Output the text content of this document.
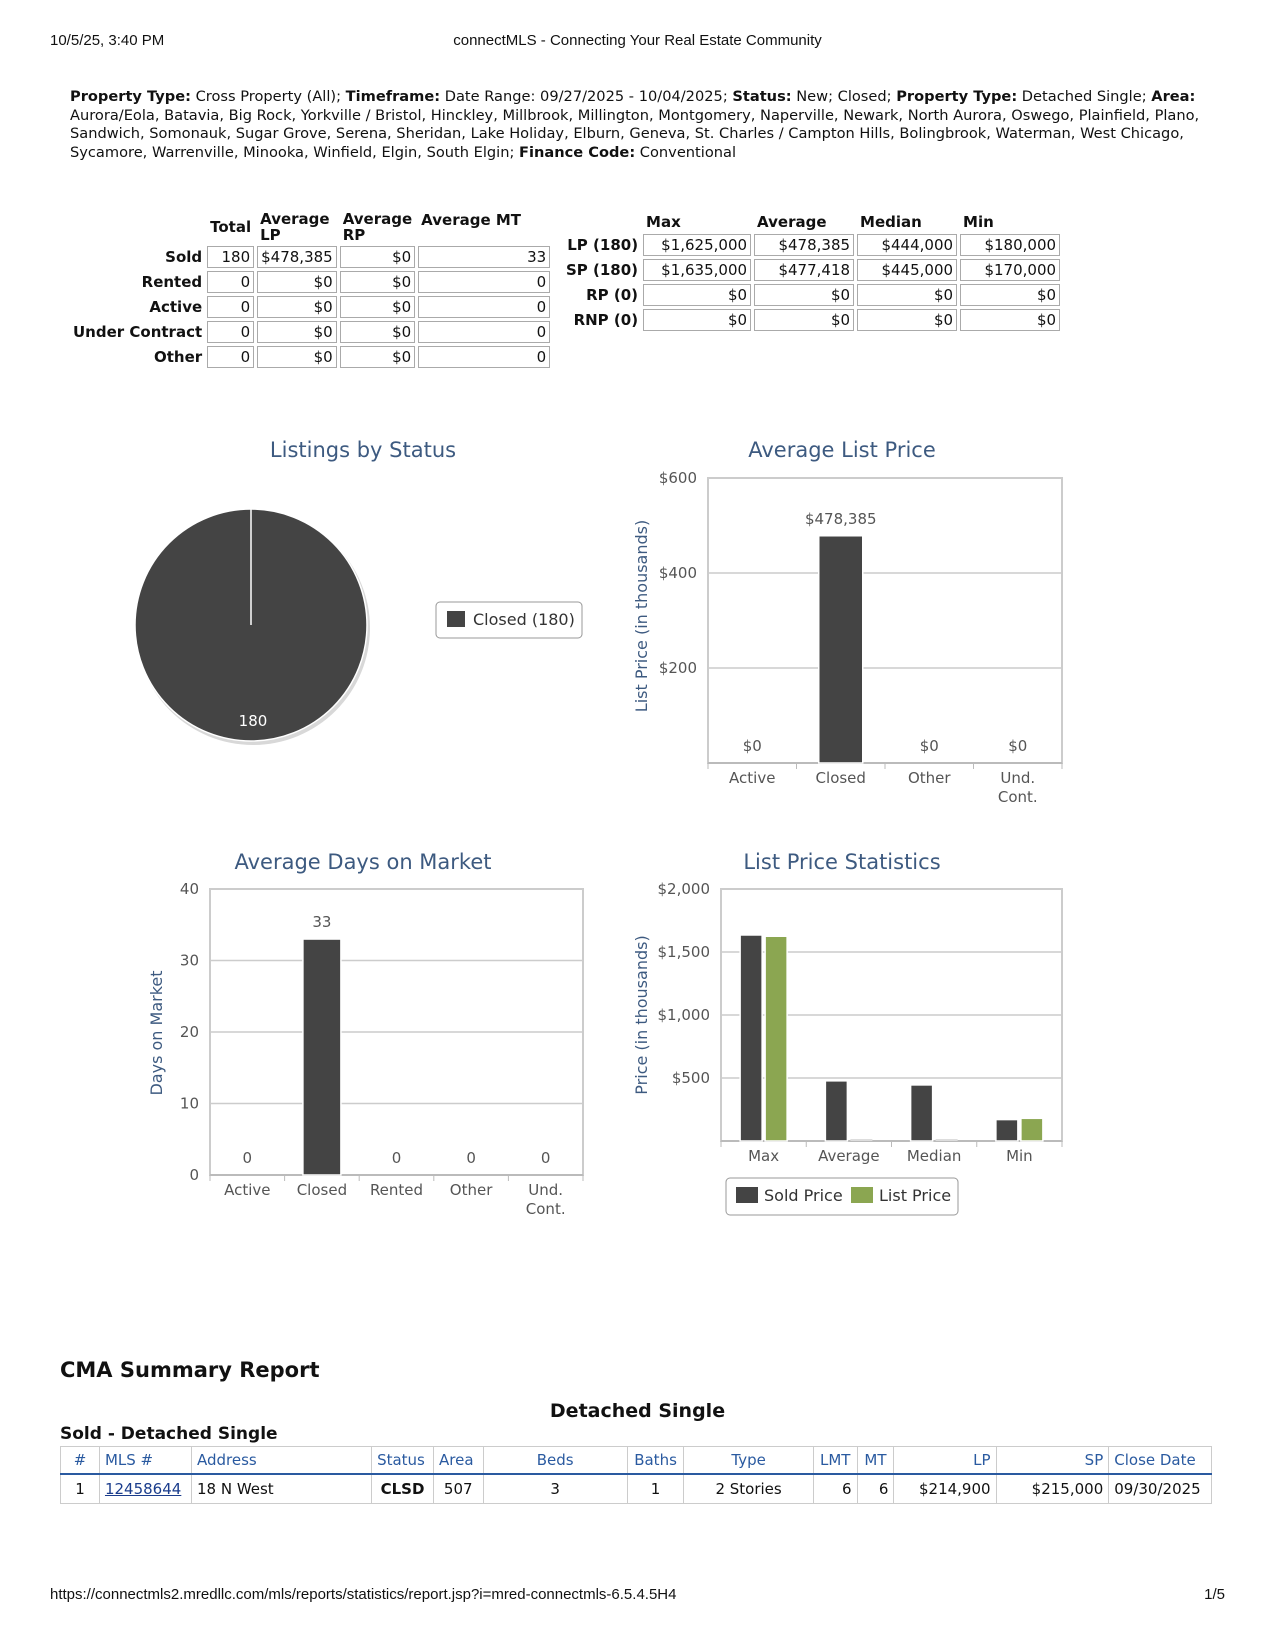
10/5/25, 3:40 PM	connectMLS - Connecting Your Real Estate Community
Property Type: Cross Property (All); Timeframe: Date Range: 09/27/2025 - 10/04/2025; Status: New; Closed; Property Type: Detached Single; Area: Aurora/Eola, Batavia, Big Rock, Yorkville / Bristol, Hinckley, Millbrook, Millington, Montgomery, Naperville, Newark, North Aurora, Oswego, Plainfield, Plano, Sandwich, Somonauk, Sugar Grove, Serena, Sheridan, Lake Holiday, Elburn, Geneva, St. Charles / Campton Hills, Bolingbrook, Waterman, West Chicago, Sycamore, Warrenville, Minooka, Winfield, Elgin, South Elgin; Finance Code: Conventional
	Total	Average LP	Average RP	Average MT
Sold	180	$478,385	$0	33
Rented	0	$0	$0	0
Active	0	$0	$0	0
Under Contract	0	$0	$0	0
Other	0	$0	$0	0
	Max	Average	Median	Min
LP (180)	$1,625,000	$478,385	$444,000	$180,000
SP (180)	$1,635,000	$477,418	$445,000	$170,000
RP (0)	$0	$0	$0	$0
RNP (0)	$0	$0	$0	$0
Listings by Status
180
Closed (180)
Average List Price
List Price (in thousands) $200
$400
$600
Active	Closed	Other	Und.
Cont.
$0
$478,385
$0	$0
Average Days on Market
Days on Market
0
10
20
30
40
Active Closed Rented Other Und.
Cont.
0
33
0	0	0
List Price Statistics
Price (in thousands) $500
$1,000
$1,500
$2,000
Max	Average Median	Min
Sold Price List Price
CMA Summary Report
Detached Single
Sold - Detached Single
#	MLS #	Address	Status	Area	Beds	Baths	Type	LMT	MT	LP	SP	Close Date
1	12458644	18 N West	CLSD	507	3	1	2 Stories	6	6	$214,900	$215,000	09/30/2025
https://connectmls2.mredllc.com/mls/reports/statistics/report.jsp?i=mred-connectmls-6.5.4.5H4	1/5
